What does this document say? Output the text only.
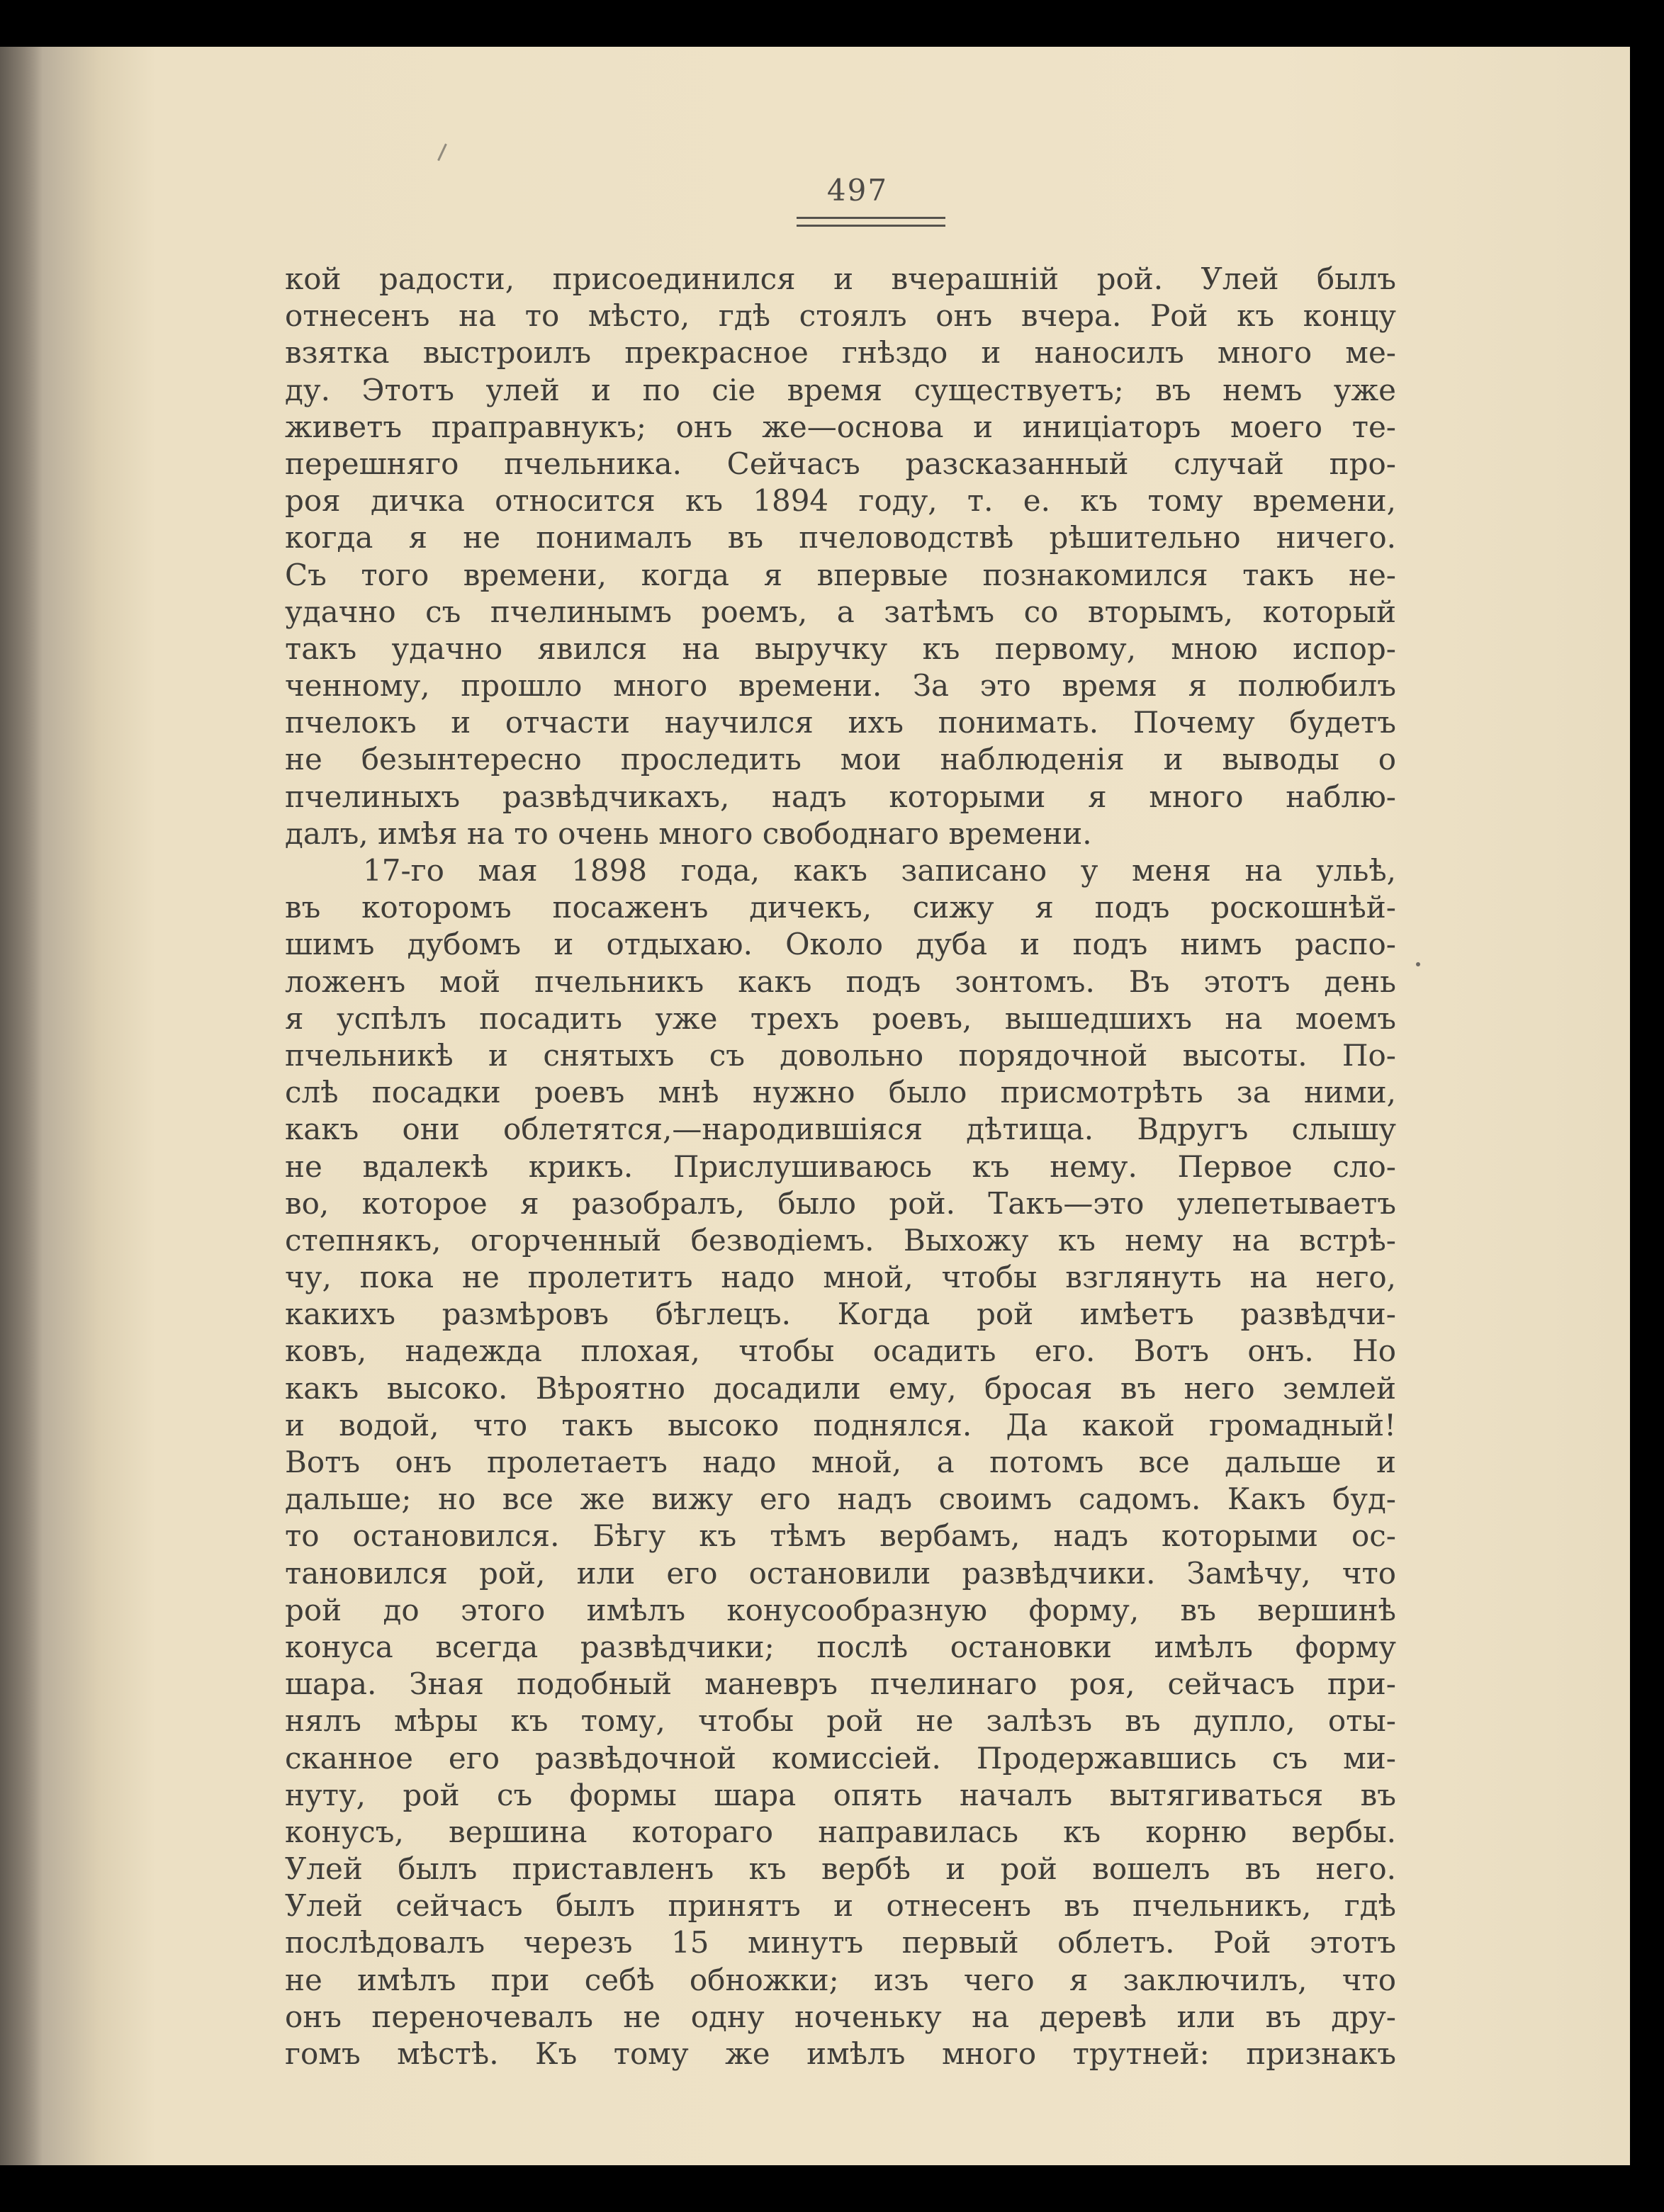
497
кой радости, присоединился и вчерашній рой. Улей былъ
отнесенъ на то мѣсто, гдѣ стоялъ онъ вчера. Рой къ концу
взятка выстроилъ прекрасное гнѣздо и наносилъ много ме-
ду. Этотъ улей и по сіе время существуетъ; въ немъ уже
живетъ праправнукъ; онъ же—основа и иниціаторъ моего те-
перешняго пчельника. Сейчасъ разсказанный случай про-
роя дичка относится къ 1894 году, т. е. къ тому времени,
когда я не понималъ въ пчеловодствѣ рѣшительно ничего.
Съ того времени, когда я впервые познакомился такъ не-
удачно съ пчелинымъ роемъ, а затѣмъ со вторымъ, который
такъ удачно явился на выручку къ первому, мною испор-
ченному, прошло много времени. За это время я полюбилъ
пчелокъ и отчасти научился ихъ понимать. Почему будетъ
не безынтересно проследить мои наблюденія и выводы о
пчелиныхъ развѣдчикахъ, надъ которыми я много наблю-
далъ, имѣя на то очень много свободнаго времени.
17-го мая 1898 года, какъ записано у меня на ульѣ,
въ которомъ посаженъ дичекъ, сижу я подъ роскошнѣй-
шимъ дубомъ и отдыхаю. Около дуба и подъ нимъ распо-
ложенъ мой пчельникъ какъ подъ зонтомъ. Въ этотъ день
я успѣлъ посадить уже трехъ роевъ, вышедшихъ на моемъ
пчельникѣ и снятыхъ съ довольно порядочной высоты. По-
слѣ посадки роевъ мнѣ нужно было присмотрѣть за ними,
какъ они облетятся,—народившіяся дѣтища. Вдругъ слышу
не вдалекѣ крикъ. Прислушиваюсь къ нему. Первое сло-
во, которое я разобралъ, было рой. Такъ—это улепетываетъ
степнякъ, огорченный безводіемъ. Выхожу къ нему на встрѣ-
чу, пока не пролетитъ надо мной, чтобы взглянуть на него,
какихъ размѣровъ бѣглецъ. Когда рой имѣетъ развѣдчи-
ковъ, надежда плохая, чтобы осадить его. Вотъ онъ. Но
какъ высоко. Вѣроятно досадили ему, бросая въ него землей
и водой, что такъ высоко поднялся. Да какой громадный!
Вотъ онъ пролетаетъ надо мной, а потомъ все дальше и
дальше; но все же вижу его надъ своимъ садомъ. Какъ буд-
то остановился. Бѣгу къ тѣмъ вербамъ, надъ которыми ос-
тановился рой, или его остановили развѣдчики. Замѣчу, что
рой до этого имѣлъ конусообразную форму, въ вершинѣ
конуса всегда развѣдчики; послѣ остановки имѣлъ форму
шара. Зная подобный маневръ пчелинаго роя, сейчасъ при-
нялъ мѣры къ тому, чтобы рой не залѣзъ въ дупло, оты-
сканное его развѣдочной комиссіей. Продержавшись съ ми-
нуту, рой съ формы шара опять началъ вытягиваться въ
конусъ, вершина котораго направилась къ корню вербы.
Улей былъ приставленъ къ вербѣ и рой вошелъ въ него.
Улей сейчасъ былъ принятъ и отнесенъ въ пчельникъ, гдѣ
послѣдовалъ черезъ 15 минутъ первый облетъ. Рой этотъ
не имѣлъ при себѣ обножки; изъ чего я заключилъ, что
онъ переночевалъ не одну ноченьку на деревѣ или въ дру-
гомъ мѣстѣ. Къ тому же имѣлъ много трутней: признакъ
